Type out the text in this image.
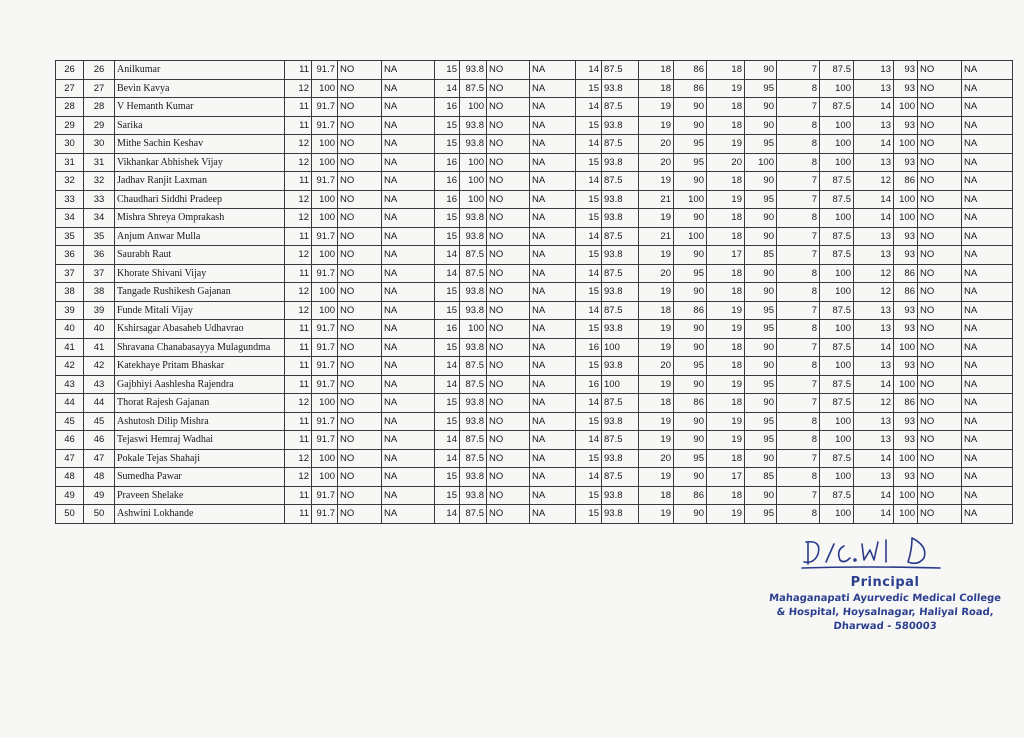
26	26	Anilkumar	11	91.7	NO	NA	15	93.8	NO	NA	14	87.5	18	86	18	90	7	87.5	13	93	NO	NA
27	27	Bevin Kavya	12	100	NO	NA	14	87.5	NO	NA	15	93.8	18	86	19	95	8	100	13	93	NO	NA
28	28	V Hemanth Kumar	11	91.7	NO	NA	16	100	NO	NA	14	87.5	19	90	18	90	7	87.5	14	100	NO	NA
29	29	Sarika	11	91.7	NO	NA	15	93.8	NO	NA	15	93.8	19	90	18	90	8	100	13	93	NO	NA
30	30	Mithe Sachin Keshav	12	100	NO	NA	15	93.8	NO	NA	14	87.5	20	95	19	95	8	100	14	100	NO	NA
31	31	Vikhankar Abhishek Vijay	12	100	NO	NA	16	100	NO	NA	15	93.8	20	95	20	100	8	100	13	93	NO	NA
32	32	Jadhav Ranjit Laxman	11	91.7	NO	NA	16	100	NO	NA	14	87.5	19	90	18	90	7	87.5	12	86	NO	NA
33	33	Chaudhari Siddhi Pradeep	12	100	NO	NA	16	100	NO	NA	15	93.8	21	100	19	95	7	87.5	14	100	NO	NA
34	34	Mishra Shreya Omprakash	12	100	NO	NA	15	93.8	NO	NA	15	93.8	19	90	18	90	8	100	14	100	NO	NA
35	35	Anjum Anwar Mulla	11	91.7	NO	NA	15	93.8	NO	NA	14	87.5	21	100	18	90	7	87.5	13	93	NO	NA
36	36	Saurabh Raut	12	100	NO	NA	14	87.5	NO	NA	15	93.8	19	90	17	85	7	87.5	13	93	NO	NA
37	37	Khorate Shivani Vijay	11	91.7	NO	NA	14	87.5	NO	NA	14	87.5	20	95	18	90	8	100	12	86	NO	NA
38	38	Tangade Rushikesh Gajanan	12	100	NO	NA	15	93.8	NO	NA	15	93.8	19	90	18	90	8	100	12	86	NO	NA
39	39	Funde Mitali Vijay	12	100	NO	NA	15	93.8	NO	NA	14	87.5	18	86	19	95	7	87.5	13	93	NO	NA
40	40	Kshirsagar Abasaheb Udhavrao	11	91.7	NO	NA	16	100	NO	NA	15	93.8	19	90	19	95	8	100	13	93	NO	NA
41	41	Shravana Chanabasayya Mulagundma	11	91.7	NO	NA	15	93.8	NO	NA	16	100	19	90	18	90	7	87.5	14	100	NO	NA
42	42	Katekhaye Pritam Bhaskar	11	91.7	NO	NA	14	87.5	NO	NA	15	93.8	20	95	18	90	8	100	13	93	NO	NA
43	43	Gajbhiyi Aashlesha Rajendra	11	91.7	NO	NA	14	87.5	NO	NA	16	100	19	90	19	95	7	87.5	14	100	NO	NA
44	44	Thorat Rajesh Gajanan	12	100	NO	NA	15	93.8	NO	NA	14	87.5	18	86	18	90	7	87.5	12	86	NO	NA
45	45	Ashutosh Dilip Mishra	11	91.7	NO	NA	15	93.8	NO	NA	15	93.8	19	90	19	95	8	100	13	93	NO	NA
46	46	Tejaswi Hemraj Wadhai	11	91.7	NO	NA	14	87.5	NO	NA	14	87.5	19	90	19	95	8	100	13	93	NO	NA
47	47	Pokale Tejas Shahaji	12	100	NO	NA	14	87.5	NO	NA	15	93.8	20	95	18	90	7	87.5	14	100	NO	NA
48	48	Sumedha Pawar	12	100	NO	NA	15	93.8	NO	NA	14	87.5	19	90	17	85	8	100	13	93	NO	NA
49	49	Praveen Shelake	11	91.7	NO	NA	15	93.8	NO	NA	15	93.8	18	86	18	90	7	87.5	14	100	NO	NA
50	50	Ashwini Lokhande	11	91.7	NO	NA	14	87.5	NO	NA	15	93.8	19	90	19	95	8	100	14	100	NO	NA
Principal
Mahaganapati Ayurvedic Medical College
& Hospital, Hoysalnagar, Haliyal Road,
Dharwad - 580003
